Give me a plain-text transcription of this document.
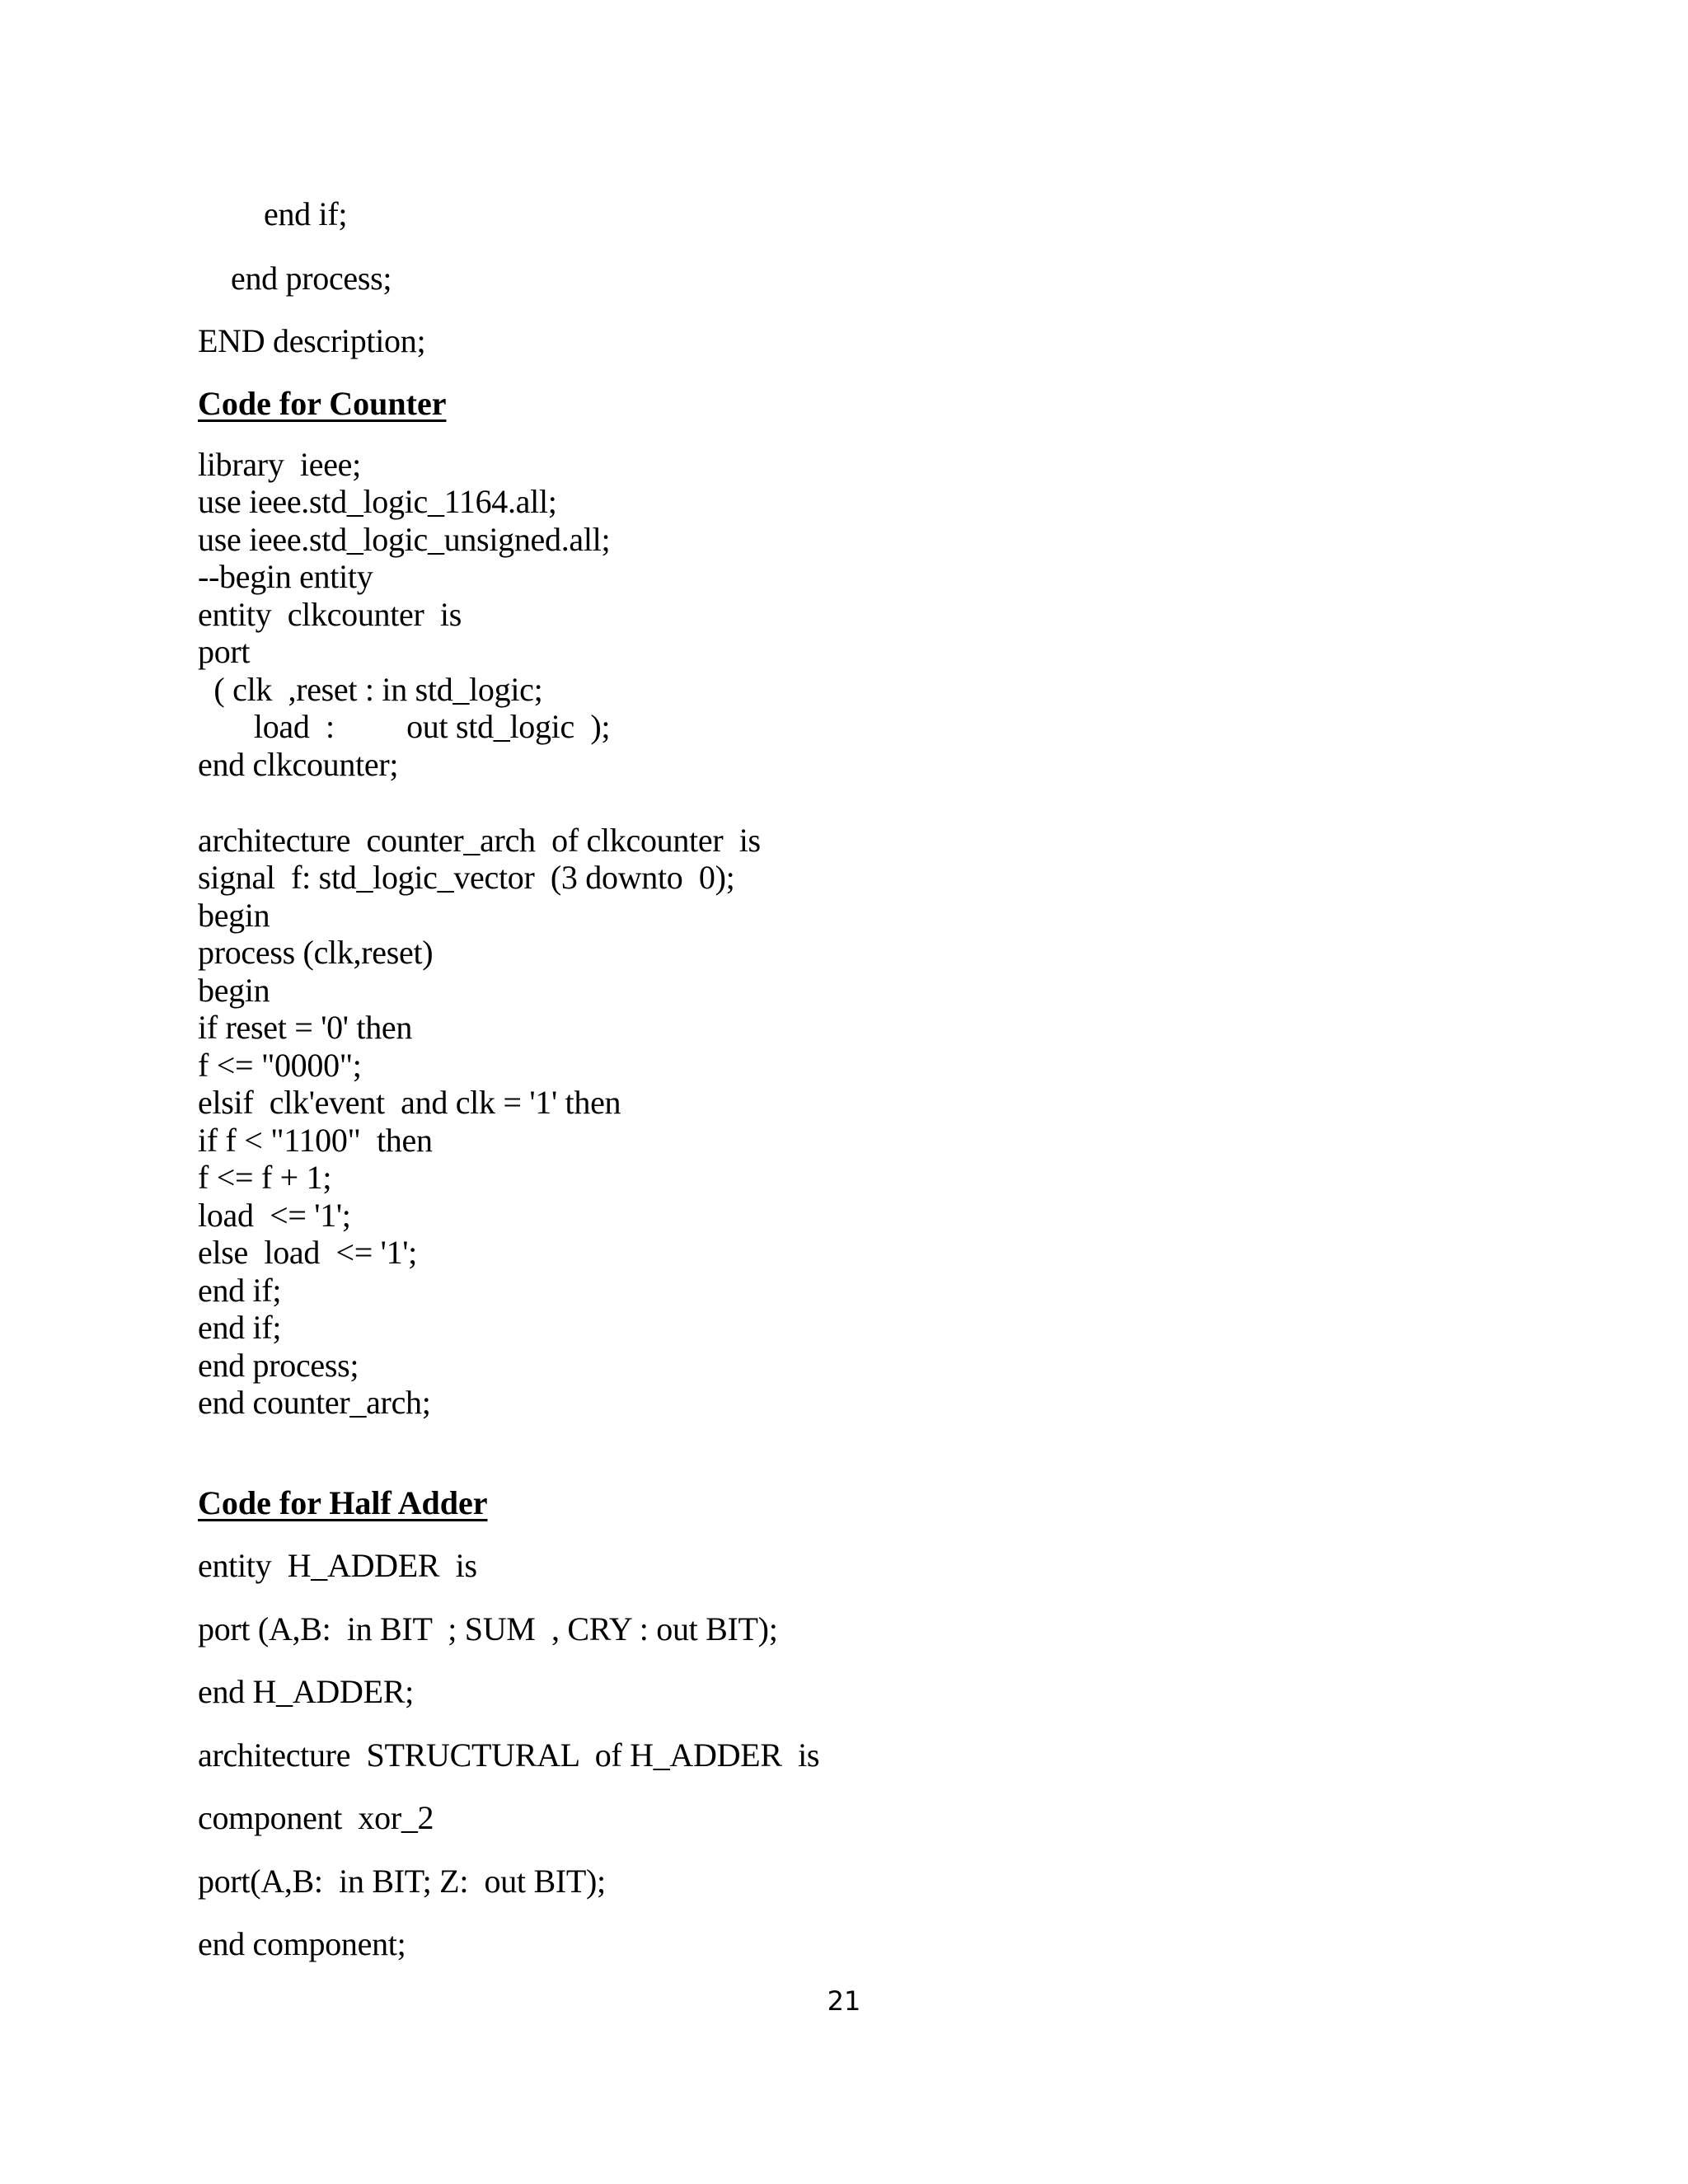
end if;
end process;
END description;
Code for Counter
library  ieee;
use ieee.std_logic_1164.all;
use ieee.std_logic_unsigned.all;
--begin entity
entity  clkcounter  is
port
( clk  ,reset : in std_logic;
load  :         out std_logic  );
end clkcounter;
architecture  counter_arch  of clkcounter  is
signal  f: std_logic_vector  (3 downto  0);
begin
process (clk,reset)
begin
if reset = '0' then
f <= "0000";
elsif  clk'event  and clk = '1' then
if f < "1100"  then
f <= f + 1;
load  <= '1';
else  load  <= '1';
end if;
end if;
end process;
end counter_arch;
Code for Half Adder
entity  H_ADDER  is
port (A,B:  in BIT  ; SUM  , CRY : out BIT);
end H_ADDER;
architecture  STRUCTURAL  of H_ADDER  is
component  xor_2
port(A,B:  in BIT; Z:  out BIT);
end component;
21
